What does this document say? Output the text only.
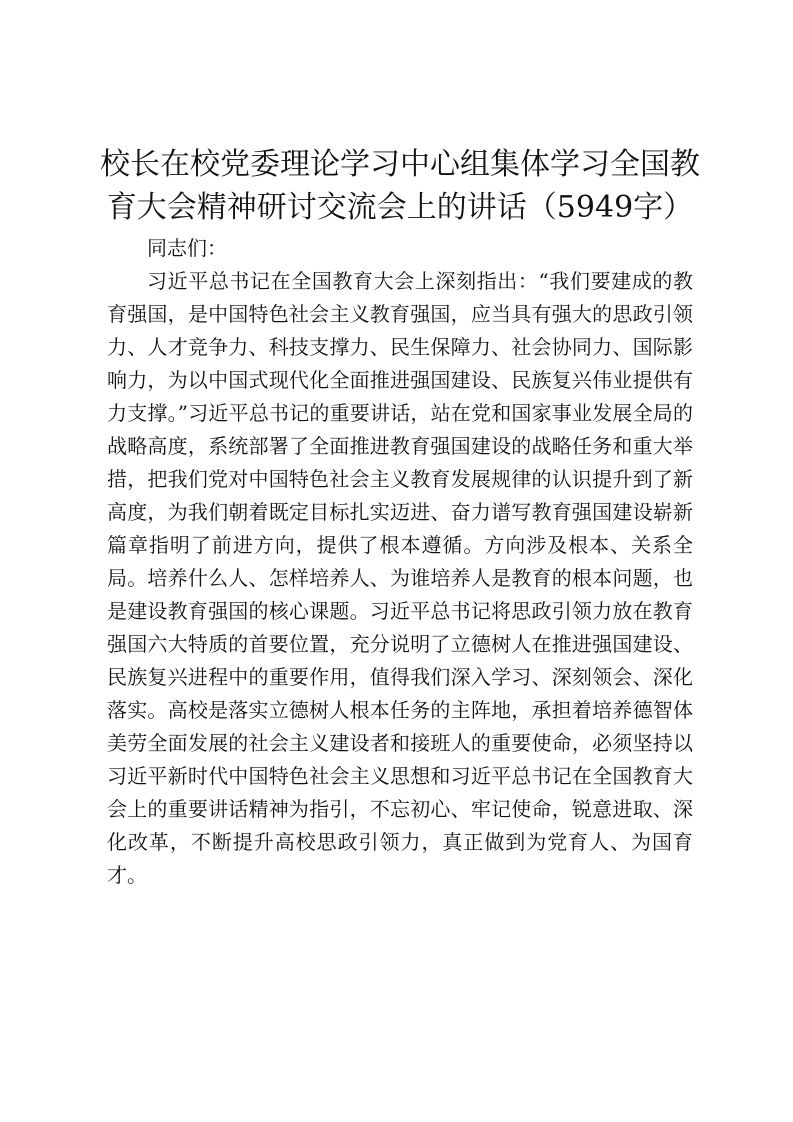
校长在校党委理论学习中心组集体学习全国教育大会精神研讨交流会上的讲话（5949字）

同志们：

习近平总书记在全国教育大会上深刻指出：“我们要建成的教育强国，是中国特色社会主义教育强国，应当具有强大的思政引领力、人才竞争力、科技支撑力、民生保障力、社会协同力、国际影响力，为以中国式现代化全面推进强国建设、民族复兴伟业提供有力支撑。”习近平总书记的重要讲话，站在党和国家事业发展全局的战略高度，系统部署了全面推进教育强国建设的战略任务和重大举措，把我们党对中国特色社会主义教育发展规律的认识提升到了新高度，为我们朝着既定目标扎实迈进、奋力谱写教育强国建设崭新篇章指明了前进方向，提供了根本遵循。方向涉及根本、关系全局。培养什么人、怎样培养人、为谁培养人是教育的根本问题，也是建设教育强国的核心课题。习近平总书记将思政引领力放在教育强国六大特质的首要位置，充分说明了立德树人在推进强国建设、民族复兴进程中的重要作用，值得我们深入学习、深刻领会、深化落实。高校是落实立德树人根本任务的主阵地，承担着培养德智体美劳全面发展的社会主义建设者和接班人的重要使命，必须坚持以习近平新时代中国特色社会主义思想和习近平总书记在全国教育大会上的重要讲话精神为指引，不忘初心、牢记使命，锐意进取、深化改革，不断提升高校思政引领力，真正做到为党育人、为国育才。
